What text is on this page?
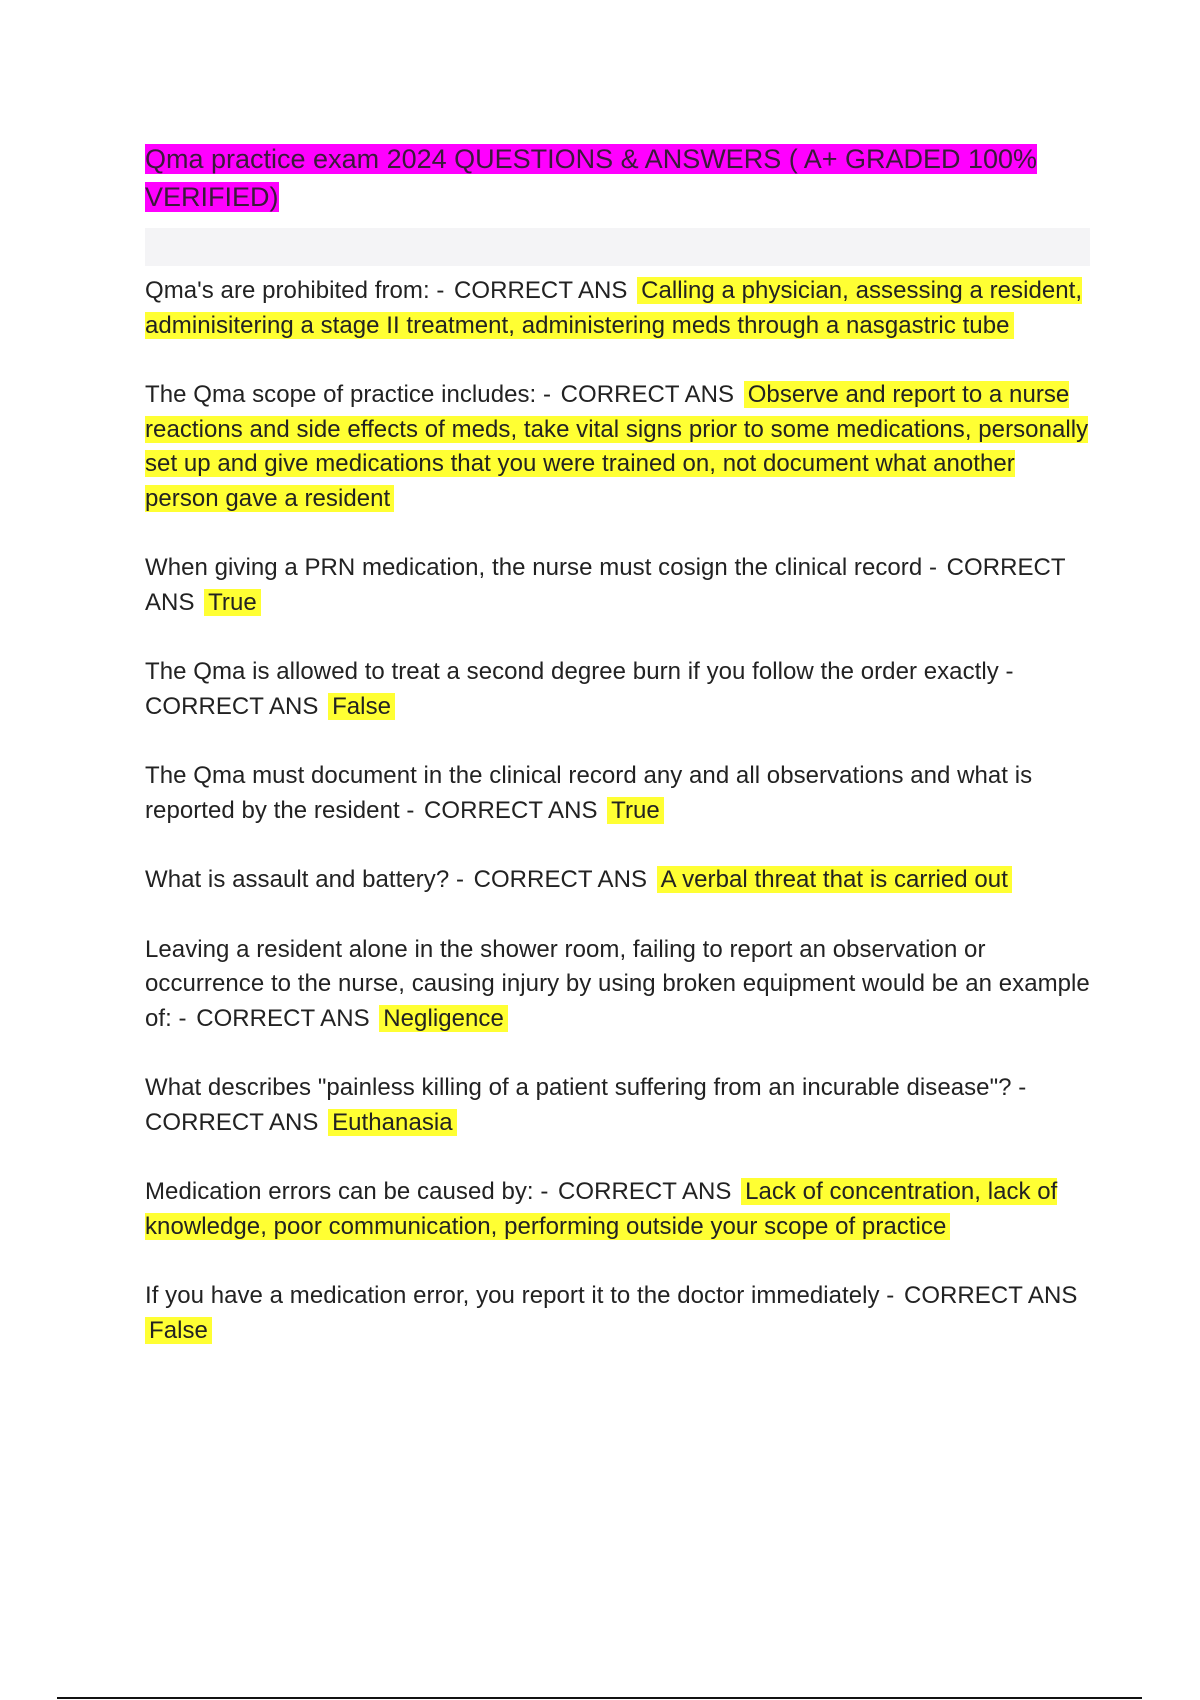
Qma practice exam 2024 QUESTIONS & ANSWERS ( A+ GRADED 100% VERIFIED)

Qma's are prohibited from: - CORRECT ANS Calling a physician, assessing a resident, adminisitering a stage II treatment, administering meds through a nasgastric tube

The Qma scope of practice includes: - CORRECT ANS Observe and report to a nurse reactions and side effects of meds, take vital signs prior to some medications, personally set up and give medications that you were trained on, not document what another person gave a resident

When giving a PRN medication, the nurse must cosign the clinical record - CORRECT ANS True

The Qma is allowed to treat a second degree burn if you follow the order exactly -CORRECT ANS False

The Qma must document in the clinical record any and all observations and what is reported by the resident - CORRECT ANS True

What is assault and battery? - CORRECT ANS A verbal threat that is carried out

Leaving a resident alone in the shower room, failing to report an observation or occurrence to the nurse, causing injury by using broken equipment would be an example of: - CORRECT ANS Negligence

What describes "painless killing of a patient suffering from an incurable disease"? -CORRECT ANS Euthanasia

Medication errors can be caused by: - CORRECT ANS Lack of concentration, lack of knowledge, poor communication, performing outside your scope of practice

If you have a medication error, you report it to the doctor immediately - CORRECT ANSFalse
